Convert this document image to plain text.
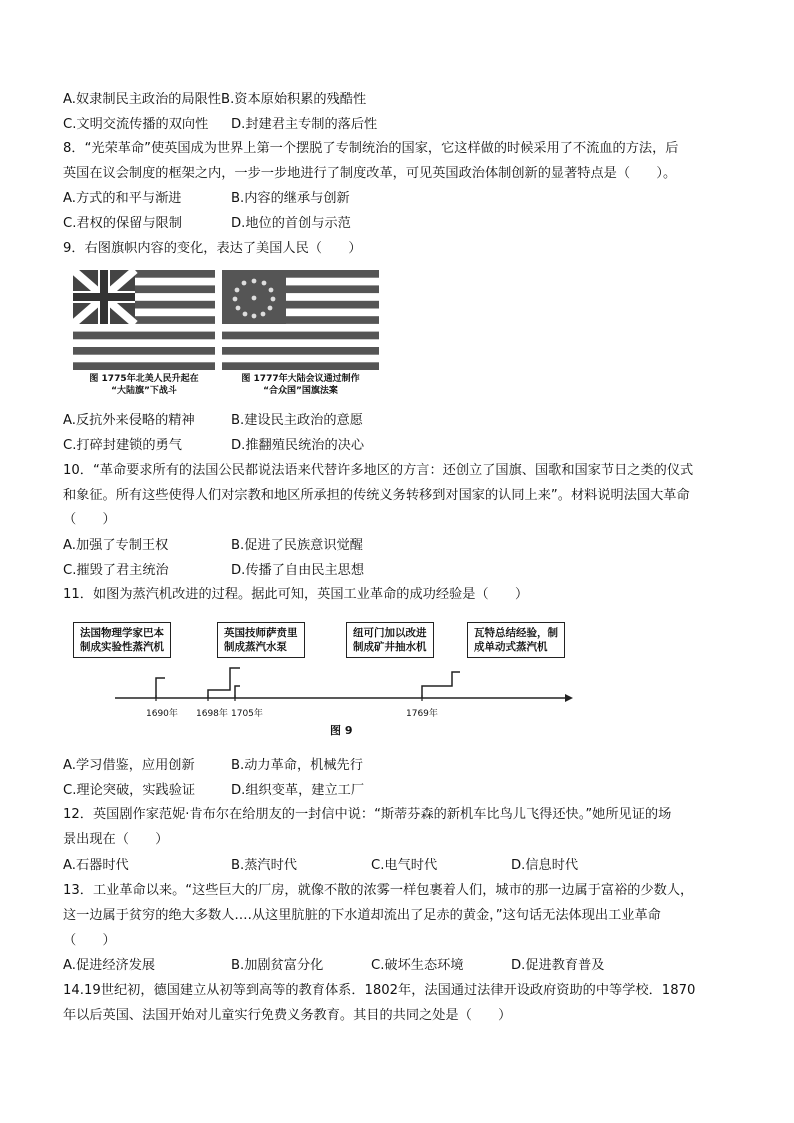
A.奴隶制民主政治的局限性B.资本原始积累的残酷性
C.文明交流传播的双向性 D.封建君主专制的落后性
8．“光荣革命”使英国成为世界上第一个摆脱了专制统治的国家，它这样做的时候采用了不流血的方法，后
英国在议会制度的框架之内，一步一步地进行了制度改革，可见英国政治体制创新的显著特点是（　　）。
A.方式的和平与渐进	B.内容的继承与创新
C.君权的保留与限制	D.地位的首创与示范
9．右图旗帜内容的变化，表达了美国人民（　　）
图 1775年北美人民升起在
“大陆旗”下战斗
图 1777年大陆会议通过制作
“合众国”国旗法案
A.反抗外来侵略的精神	B.建设民主政治的意愿
C.打碎封建锁的勇气	D.推翻殖民统治的决心
10．“革命要求所有的法国公民都说法语来代替许多地区的方言：还创立了国旗、国歌和国家节日之类的仪式
和象征。所有这些使得人们对宗教和地区所承担的传统义务转移到对国家的认同上来”。材料说明法国大革命
（　　）
A.加强了专制王权	B.促进了民族意识觉醒
C.摧毁了君主统治	D.传播了自由民主思想
11．如图为蒸汽机改进的过程。据此可知，英国工业革命的成功经验是（　　）
法国物理学家巴本
制成实验性蒸汽机
英国技师萨贲里
制成蒸汽水泵
纽可门加以改进
制成矿井抽水机
瓦特总结经验，制
成单动式蒸汽机
1690年 1698年 1705年	1769年
图 9
A.学习借鉴，应用创新	B.动力革命，机械先行
C.理论突破，实践验证	D.组织变革，建立工厂
12．英国剧作家范妮·肯布尔在给朋友的一封信中说：“斯蒂芬森的新机车比鸟儿飞得还快。”她所见证的场
景出现在（　　）
A.石器时代	B.蒸汽时代	C.电气时代	D.信息时代
13．工业革命以来。“这些巨大的厂房，就像不散的浓雾一样包裹着人们，城市的那一边属于富裕的少数人，
这一边属于贫穷的绝大多数人….从这里肮脏的下水道却流出了足赤的黄金，”这句话无法体现出工业革命
（　　）
A.促进经济发展	B.加剧贫富分化	C.破坏生态环境	D.促进教育普及
14.19世纪初，德国建立从初等到高等的教育体系．1802年，法国通过法律开设政府资助的中等学校．1870
年以后英国、法国开始对儿童实行免费义务教育。其目的共同之处是（　　）
